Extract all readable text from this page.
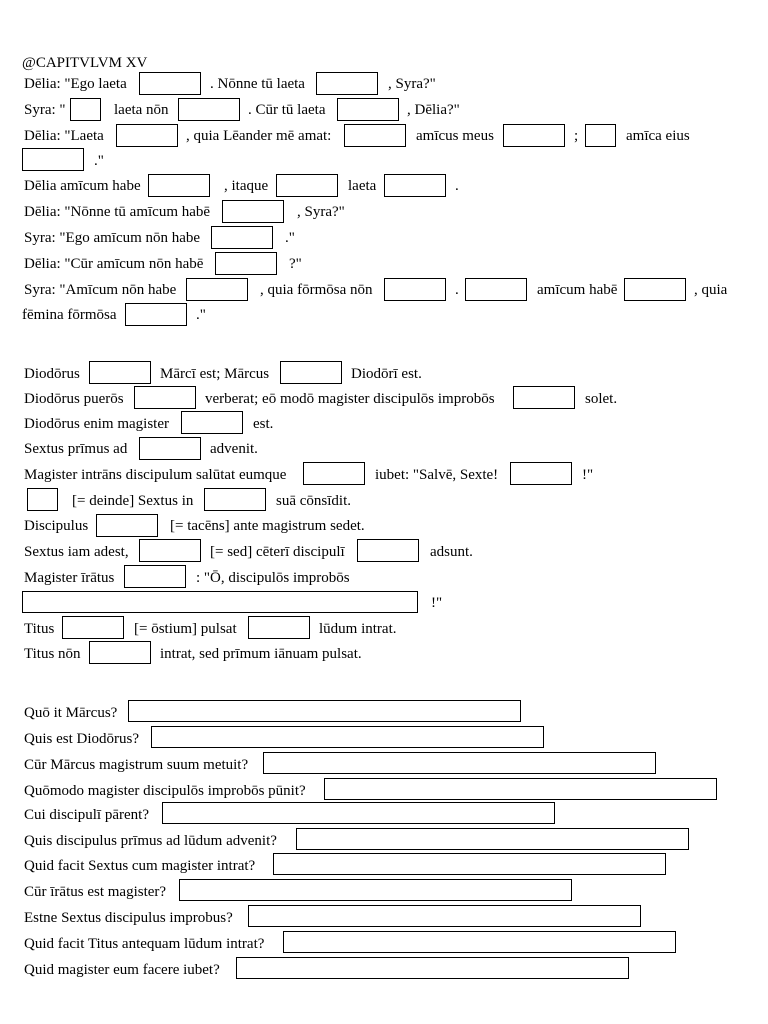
@CAPITVLVM XV
Dēlia: "Ego laeta	. Nōnne tū laeta	, Syra?"
Syra: "	laeta nōn	. Cūr tū laeta	, Dēlia?"
Dēlia: "Laeta	, quia Lēander mē amat:	amīcus meus	;	amīca eius
."
Dēlia amīcum habe	, itaque	laeta	.
Dēlia: "Nōnne tū amīcum habē	, Syra?"
Syra: "Ego amīcum nōn habe	."
Dēlia: "Cūr amīcum nōn habē	?"
Syra: "Amīcum nōn habe	, quia fōrmōsa nōn	.	amīcum habē	, quia
fēmina fōrmōsa	."
Diodōrus	Mārcī est; Mārcus	Diodōrī est.
Diodōrus puerōs	verberat; eō modō magister discipulōs improbōs	solet.
Diodōrus enim magister	est.
Sextus prīmus ad	advenit.
Magister intrāns discipulum salūtat eumque	iubet: "Salvē, Sexte!	!"
[= deinde] Sextus in	suā cōnsīdit.
Discipulus	[= tacēns] ante magistrum sedet.
Sextus iam adest,	[= sed] cēterī discipulī	adsunt.
Magister īrātus	: "Ō, discipulōs improbōs
!"
Titus	[= ōstium] pulsat	lūdum intrat.
Titus nōn	intrat, sed prīmum iānuam pulsat.
Quō it Mārcus?
Quis est Diodōrus?
Cūr Mārcus magistrum suum metuit?
Quōmodo magister discipulōs improbōs pūnit?
Cui discipulī pārent?
Quis discipulus prīmus ad lūdum advenit?
Quid facit Sextus cum magister intrat?
Cūr īrātus est magister?
Estne Sextus discipulus improbus?
Quid facit Titus antequam lūdum intrat?
Quid magister eum facere iubet?
